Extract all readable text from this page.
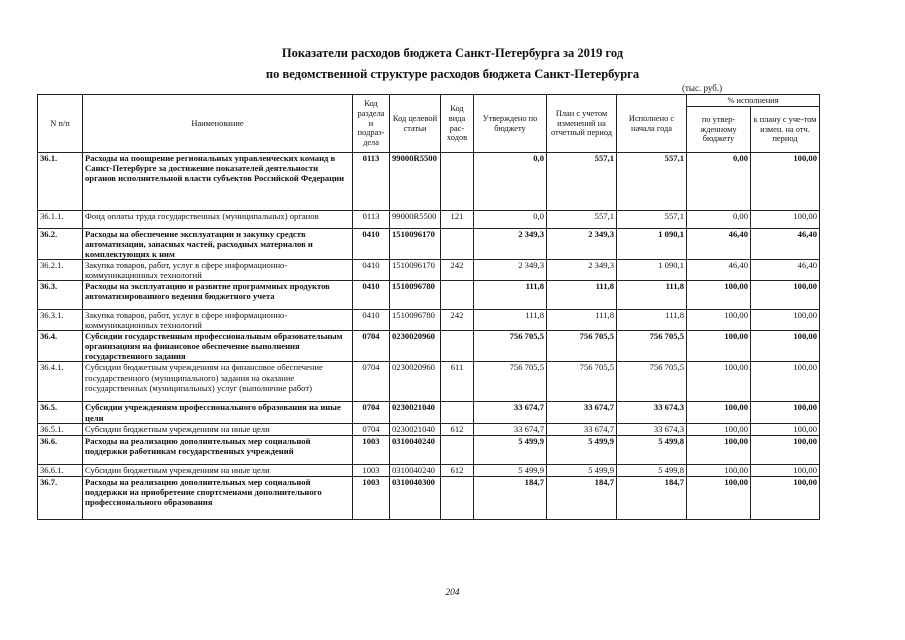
Показатели расходов бюджета Санкт-Петербурга за 2019 год
по ведомственной структуре расходов бюджета Санкт-Петербурга
(тыс. руб.)
N п/п	Наименование	Код раздела и подраз-дела	Код целевой статьи	Код вида рас-ходов	Утверждено по бюджету	План с учетом изменений на отчетный период	Исполнено с начала года	% исполнения	
								по утвер-жденному бюджету	к плану с уче-том измен. на отч. период
36.1.	Расходы на поощрение региональных управленческих команд в Санкт-Петербурге за достижение показателей деятельности органов исполнительной власти субъектов Российской Федерации	0113	99000R5500		0,0	557,1	557,1	0,00	100,00
36.1.1.	Фонд оплаты труда государственных (муниципальных) органов	0113	99000R5500	121	0,0	557,1	557,1	0,00	100,00
36.2.	Расходы на обеспечение эксплуатации и закупку средств автоматизации, запасных частей, расходных материалов и комплектующих к ним	0410	1510096170		2 349,3	2 349,3	1 090,1	46,40	46,40
36.2.1.	Закупка товаров, работ, услуг в сфере информационно-коммуникационных технологий	0410	1510096170	242	2 349,3	2 349,3	1 090,1	46,40	46,40
36.3.	Расходы на эксплуатацию и развитие программных продуктов автоматизированного ведения бюджетного учета	0410	1510096780		111,8	111,8	111,8	100,00	100,00
36.3.1.	Закупка товаров, работ, услуг в сфере информационно-коммуникационных технологий	0410	1510096780	242	111,8	111,8	111,8	100,00	100,00
36.4.	Субсидии государственным профессиональным образовательным организациям на финансовое обеспечение выполнения государственного задания	0704	0230020960		756 705,5	756 705,5	756 705,5	100,00	100,00
36.4.1.	Субсидии бюджетным учреждениям на финансовое обеспечение государственного (муниципального) задания на оказание государственных (муниципальных) услуг (выполнение работ)	0704	0230020960	611	756 705,5	756 705,5	756 705,5	100,00	100,00
36.5.	Субсидии учреждениям профессионального образования на иные цели	0704	0230021040		33 674,7	33 674,7	33 674,3	100,00	100,00
36.5.1.	Субсидии бюджетным учреждениям на иные цели	0704	0230021040	612	33 674,7	33 674,7	33 674,3	100,00	100,00
36.6.	Расходы на реализацию дополнительных мер социальной поддержки работникам государственных учреждений	1003	0310040240		5 499,9	5 499,9	5 499,8	100,00	100,00
36.6.1.	Субсидии бюджетным учреждениям на иные цели	1003	0310040240	612	5 499,9	5 499,9	5 499,8	100,00	100,00
36.7.	Расходы на реализацию дополнительных мер социальной поддержки на приобретение спортсменами дополнительного профессионального образования	1003	0310040300		184,7	184,7	184,7	100,00	100,00
204
